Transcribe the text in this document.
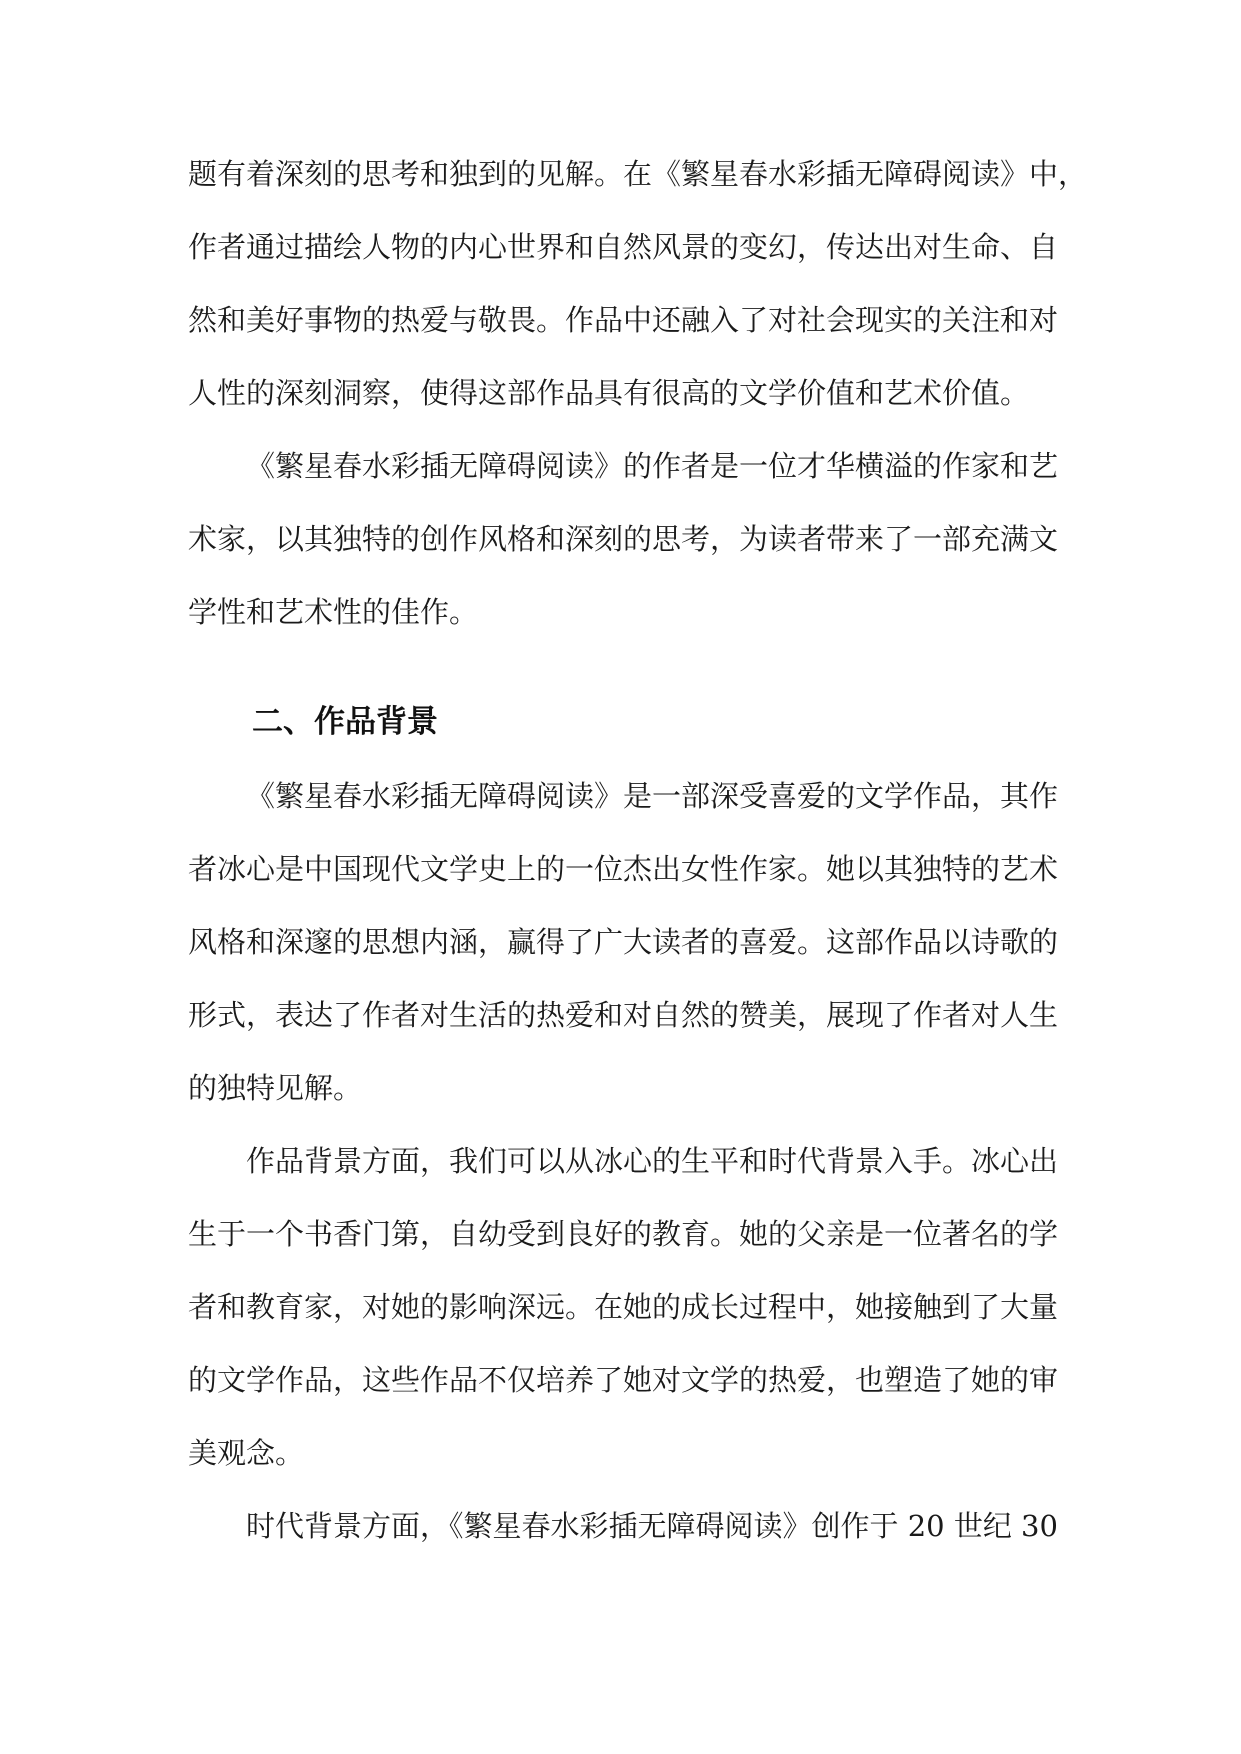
题有着深刻的思考和独到的见解。在《繁星春水彩插无障碍阅读》中，
作者通过描绘人物的内心世界和自然风景的变幻，传达出对生命、自
然和美好事物的热爱与敬畏。作品中还融入了对社会现实的关注和对
人性的深刻洞察，使得这部作品具有很高的文学价值和艺术价值。
《繁星春水彩插无障碍阅读》的作者是一位才华横溢的作家和艺
术家，以其独特的创作风格和深刻的思考，为读者带来了一部充满文
学性和艺术性的佳作。
二、作品背景
《繁星春水彩插无障碍阅读》是一部深受喜爱的文学作品，其作
者冰心是中国现代文学史上的一位杰出女性作家。她以其独特的艺术
风格和深邃的思想内涵，赢得了广大读者的喜爱。这部作品以诗歌的
形式，表达了作者对生活的热爱和对自然的赞美，展现了作者对人生
的独特见解。
作品背景方面，我们可以从冰心的生平和时代背景入手。冰心出
生于一个书香门第，自幼受到良好的教育。她的父亲是一位著名的学
者和教育家，对她的影响深远。在她的成长过程中，她接触到了大量
的文学作品，这些作品不仅培养了她对文学的热爱，也塑造了她的审
美观念。
时代背景方面，《繁星春水彩插无障碍阅读》创作于 20 世纪 30
